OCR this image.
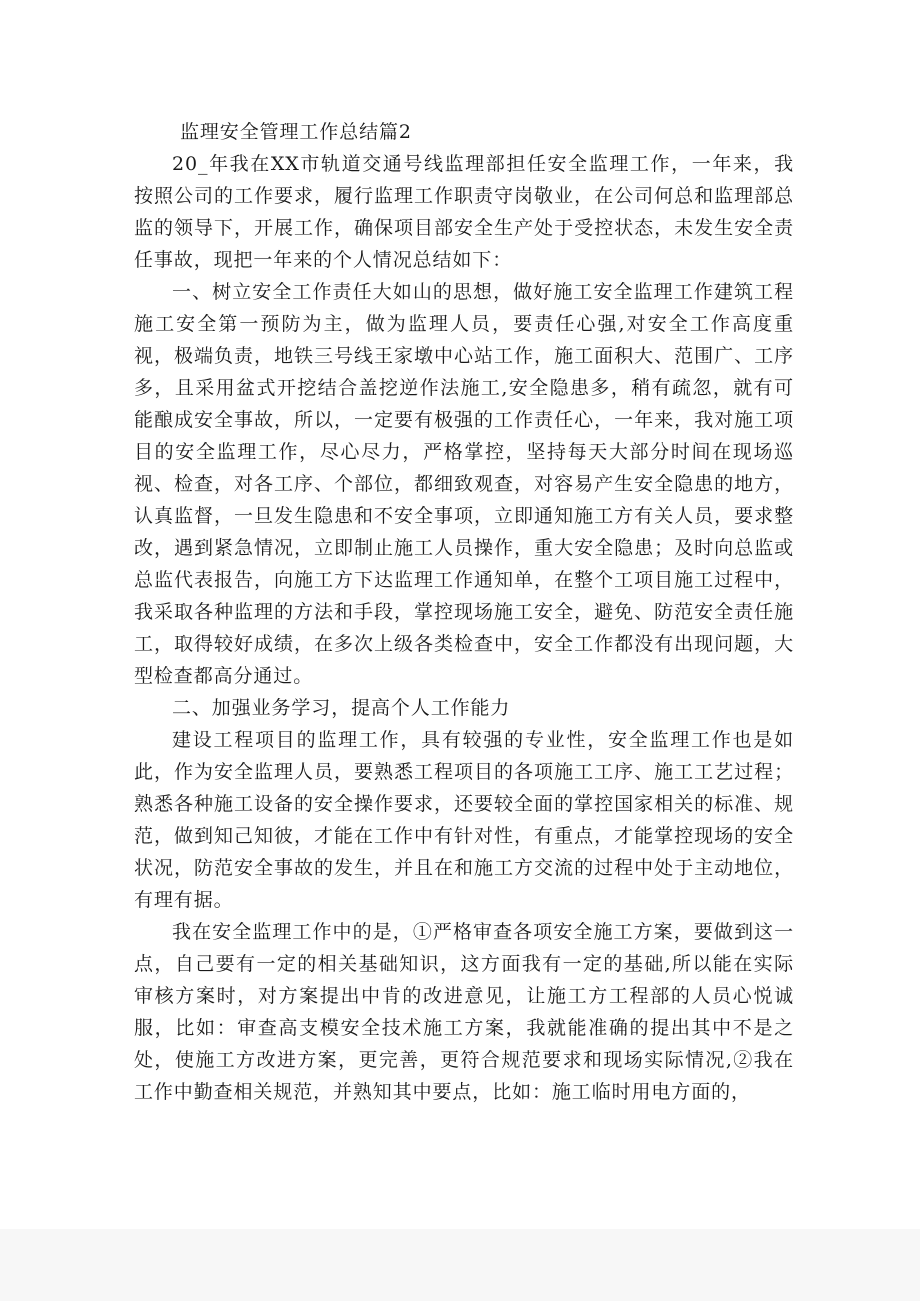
监理安全管理工作总结篇2

20_年我在XX市轨道交通号线监理部担任安全监理工作，一年来，我按照公司的工作要求，履行监理工作职责守岗敬业，在公司何总和监理部总监的领导下，开展工作，确保项目部安全生产处于受控状态，未发生安全责任事故，现把一年来的个人情况总结如下：

一、树立安全工作责任大如山的思想，做好施工安全监理工作建筑工程施工安全第一预防为主，做为监理人员，要责任心强,对安全工作高度重视，极端负责，地铁三号线王家墩中心站工作，施工面积大、范围广、工序多，且采用盆式开挖结合盖挖逆作法施工,安全隐患多，稍有疏忽，就有可能酿成安全事故，所以，一定要有极强的工作责任心，一年来，我对施工项目的安全监理工作，尽心尽力，严格掌控，坚持每天大部分时间在现场巡视、检查，对各工序、个部位，都细致观查，对容易产生安全隐患的地方，认真监督，一旦发生隐患和不安全事项，立即通知施工方有关人员，要求整改，遇到紧急情况，立即制止施工人员操作，重大安全隐患；及时向总监或总监代表报告，向施工方下达监理工作通知单，在整个工项目施工过程中，我采取各种监理的方法和手段，掌控现场施工安全，避免、防范安全责任施工，取得较好成绩，在多次上级各类检查中，安全工作都没有出现问题，大型检查都高分通过。

二、加强业务学习，提高个人工作能力

建设工程项目的监理工作，具有较强的专业性，安全监理工作也是如此，作为安全监理人员，要熟悉工程项目的各项施工工序、施工工艺过程；熟悉各种施工设备的安全操作要求，还要较全面的掌控国家相关的标准、规范，做到知己知彼，才能在工作中有针对性，有重点，才能掌控现场的安全状况，防范安全事故的发生，并且在和施工方交流的过程中处于主动地位，有理有据。

我在安全监理工作中的是，①严格审查各项安全施工方案，要做到这一点，自己要有一定的相关基础知识，这方面我有一定的基础,所以能在实际审核方案时，对方案提出中肯的改进意见，让施工方工程部的人员心悦诚服，比如：审查高支模安全技术施工方案，我就能准确的提出其中不是之处，使施工方改进方案，更完善，更符合规范要求和现场实际情况,②我在工作中勤查相关规范，并熟知其中要点，比如：施工临时用电方面的，
